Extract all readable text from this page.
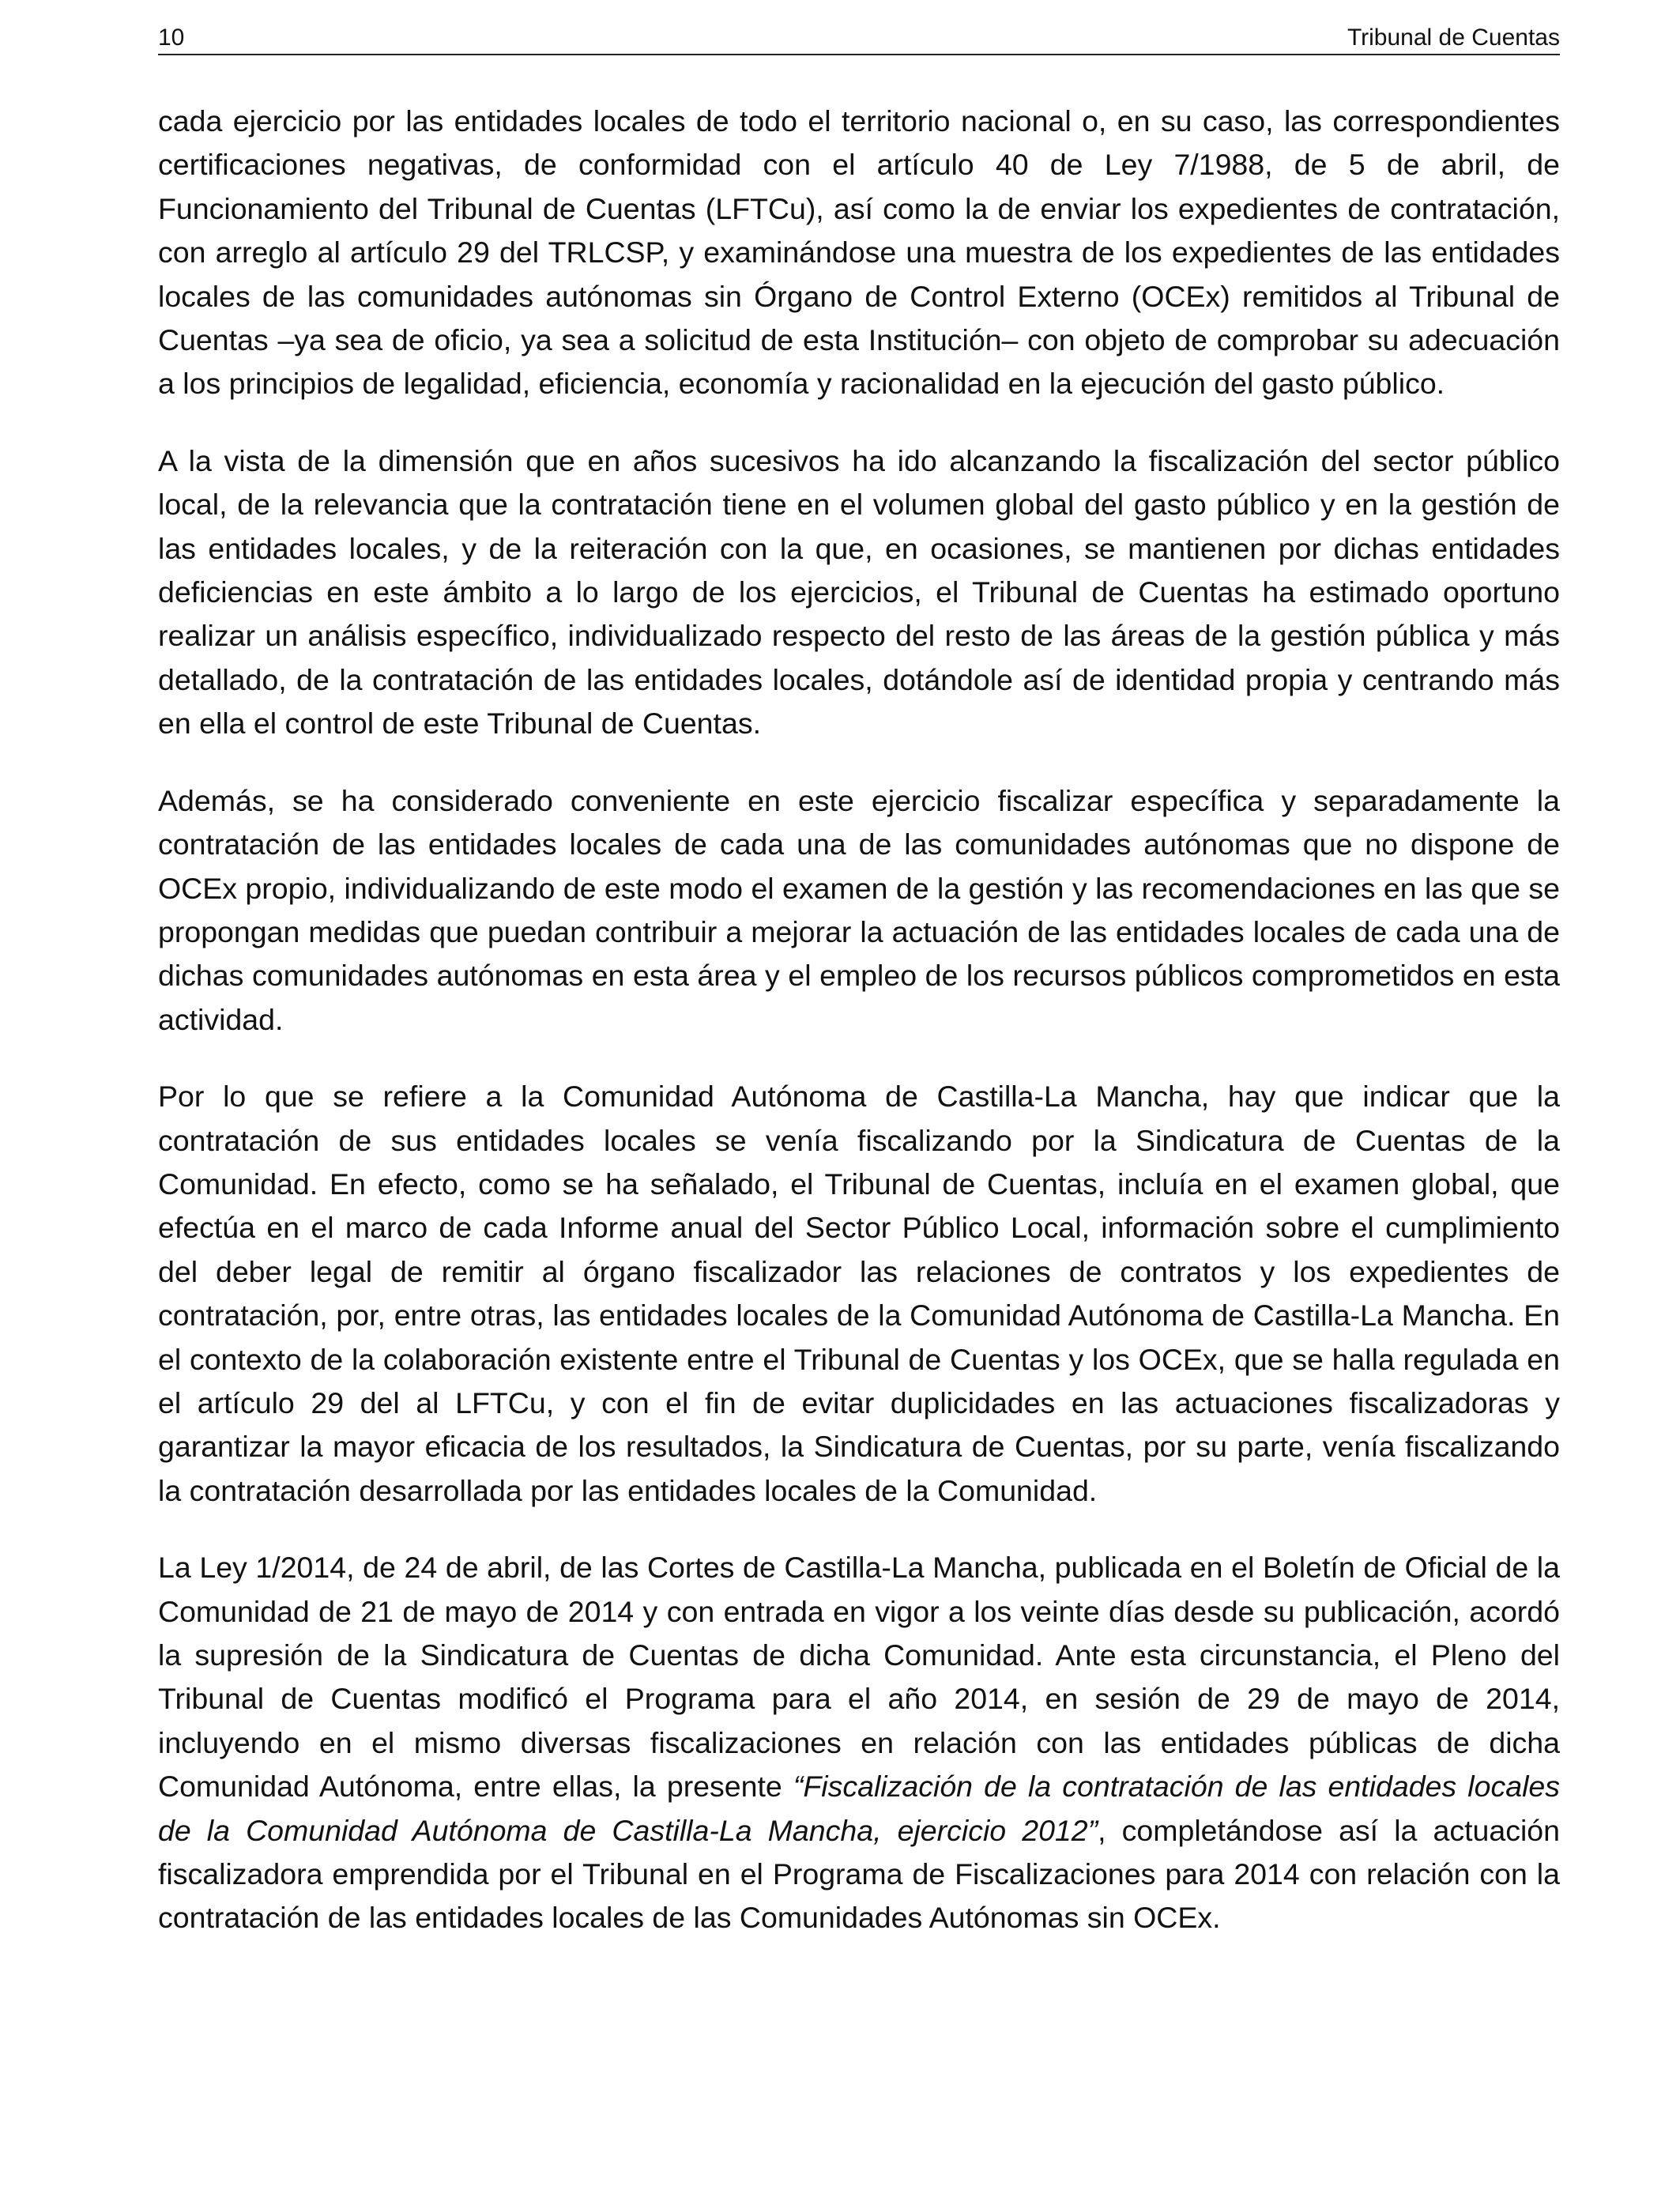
10	Tribunal de Cuentas

cada ejercicio por las entidades locales de todo el territorio nacional o, en su caso, las correspondientes certificaciones negativas, de conformidad con el artículo 40 de Ley 7/1988, de 5 de abril, de Funcionamiento del Tribunal de Cuentas (LFTCu), así como la de enviar los expedientes de contratación, con arreglo al artículo 29 del TRLCSP, y examinándose una muestra de los expedientes de las entidades locales de las comunidades autónomas sin Órgano de Control Externo (OCEx) remitidos al Tribunal de Cuentas –ya sea de oficio, ya sea a solicitud de esta Institución– con objeto de comprobar su adecuación a los principios de legalidad, eficiencia, economía y racionalidad en la ejecución del gasto público.

A la vista de la dimensión que en años sucesivos ha ido alcanzando la fiscalización del sector público local, de la relevancia que la contratación tiene en el volumen global del gasto público y en la gestión de las entidades locales, y de la reiteración con la que, en ocasiones, se mantienen por dichas entidades deficiencias en este ámbito a lo largo de los ejercicios, el Tribunal de Cuentas ha estimado oportuno realizar un análisis específico, individualizado respecto del resto de las áreas de la gestión pública y más detallado, de la contratación de las entidades locales, dotándole así de identidad propia y centrando más en ella el control de este Tribunal de Cuentas.

Además, se ha considerado conveniente en este ejercicio fiscalizar específica y separadamente la contratación de las entidades locales de cada una de las comunidades autónomas que no dispone de OCEx propio, individualizando de este modo el examen de la gestión y las recomendaciones en las que se propongan medidas que puedan contribuir a mejorar la actuación de las entidades locales de cada una de dichas comunidades autónomas en esta área y el empleo de los recursos públicos comprometidos en esta actividad.

Por lo que se refiere a la Comunidad Autónoma de Castilla-La Mancha, hay que indicar que la contratación de sus entidades locales se venía fiscalizando por la Sindicatura de Cuentas de la Comunidad. En efecto, como se ha señalado, el Tribunal de Cuentas, incluía en el examen global, que efectúa en el marco de cada Informe anual del Sector Público Local, información sobre el cumplimiento del deber legal de remitir al órgano fiscalizador las relaciones de contratos y los expedientes de contratación, por, entre otras, las entidades locales de la Comunidad Autónoma de Castilla-La Mancha. En el contexto de la colaboración existente entre el Tribunal de Cuentas y los OCEx, que se halla regulada en el artículo 29 del al LFTCu, y con el fin de evitar duplicidades en las actuaciones fiscalizadoras y garantizar la mayor eficacia de los resultados, la Sindicatura de Cuentas, por su parte, venía fiscalizando la contratación desarrollada por las entidades locales de la Comunidad.

La Ley 1/2014, de 24 de abril, de las Cortes de Castilla-La Mancha, publicada en el Boletín de Oficial de la Comunidad de 21 de mayo de 2014 y con entrada en vigor a los veinte días desde su publicación, acordó la supresión de la Sindicatura de Cuentas de dicha Comunidad. Ante esta circunstancia, el Pleno del Tribunal de Cuentas modificó el Programa para el año 2014, en sesión de 29 de mayo de 2014, incluyendo en el mismo diversas fiscalizaciones en relación con las entidades públicas de dicha Comunidad Autónoma, entre ellas, la presente “Fiscalización de la contratación de las entidades locales de la Comunidad Autónoma de Castilla-La Mancha, ejercicio 2012”, completándose así la actuación fiscalizadora emprendida por el Tribunal en el Programa de Fiscalizaciones para 2014 con relación con la contratación de las entidades locales de las Comunidades Autónomas sin OCEx.
